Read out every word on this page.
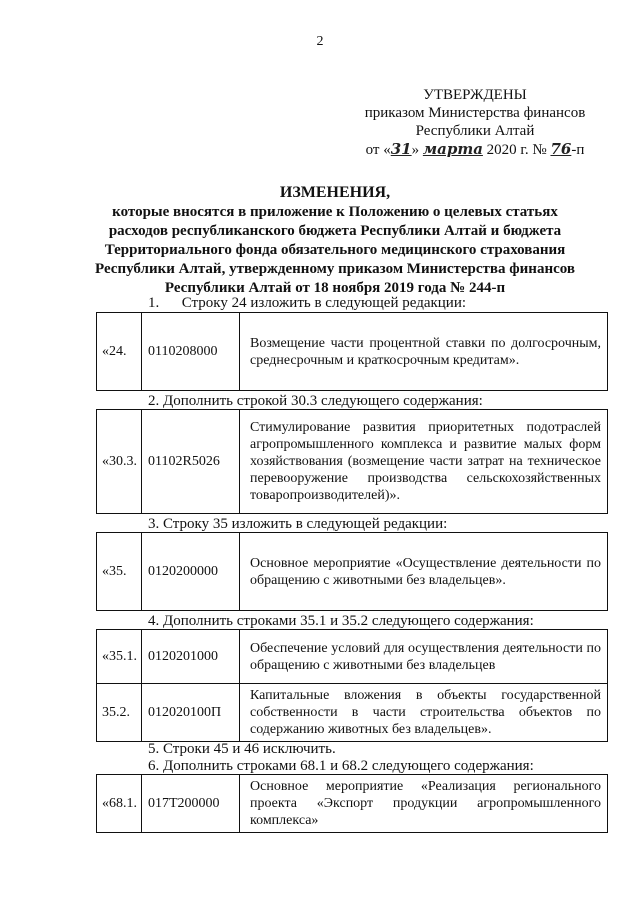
2
УТВЕРЖДЕНЫ
приказом Министерства финансов
Республики Алтай
от «31» марта 2020 г. № 76-п
ИЗМЕНЕНИЯ,
которые вносятся в приложение к Положению о целевых статьях
расходов республиканского бюджета Республики Алтай и бюджета
Территориального фонда обязательного медицинского страхования
Республики Алтай, утвержденному приказом Министерства финансов
Республики Алтай от 18 ноября 2019 года № 244-п
1.      Строку 24 изложить в следующей редакции:
«24.	0110208000	Возмещение части процентной ставки по долгосрочным, среднесрочным и краткосрочным кредитам».
2. Дополнить строкой 30.3 следующего содержания:
«30.3.	01102R5026	Стимулирование развития приоритетных подотраслей агропромышленного комплекса и развитие малых форм хозяйствования (возмещение части затрат на техническое перевооружение производства сельскохозяйственных товаропроизводителей)».
3. Строку 35 изложить в следующей редакции:
«35.	0120200000	Основное мероприятие «Осуществление деятельности по обращению с животными без владельцев».
4. Дополнить строками 35.1 и 35.2 следующего содержания:
«35.1.	0120201000	Обеспечение условий для осуществления деятельности по обращению с животными без владельцев
35.2.	012020100П	Капитальные вложения в объекты государственной собственности в части строительства объектов по содержанию животных без владельцев».
5. Строки 45 и 46 исключить.
6. Дополнить строками 68.1 и 68.2 следующего содержания:
«68.1.	017Т200000	Основное мероприятие «Реализация регионального проекта «Экспорт продукции агропромышленного комплекса»
